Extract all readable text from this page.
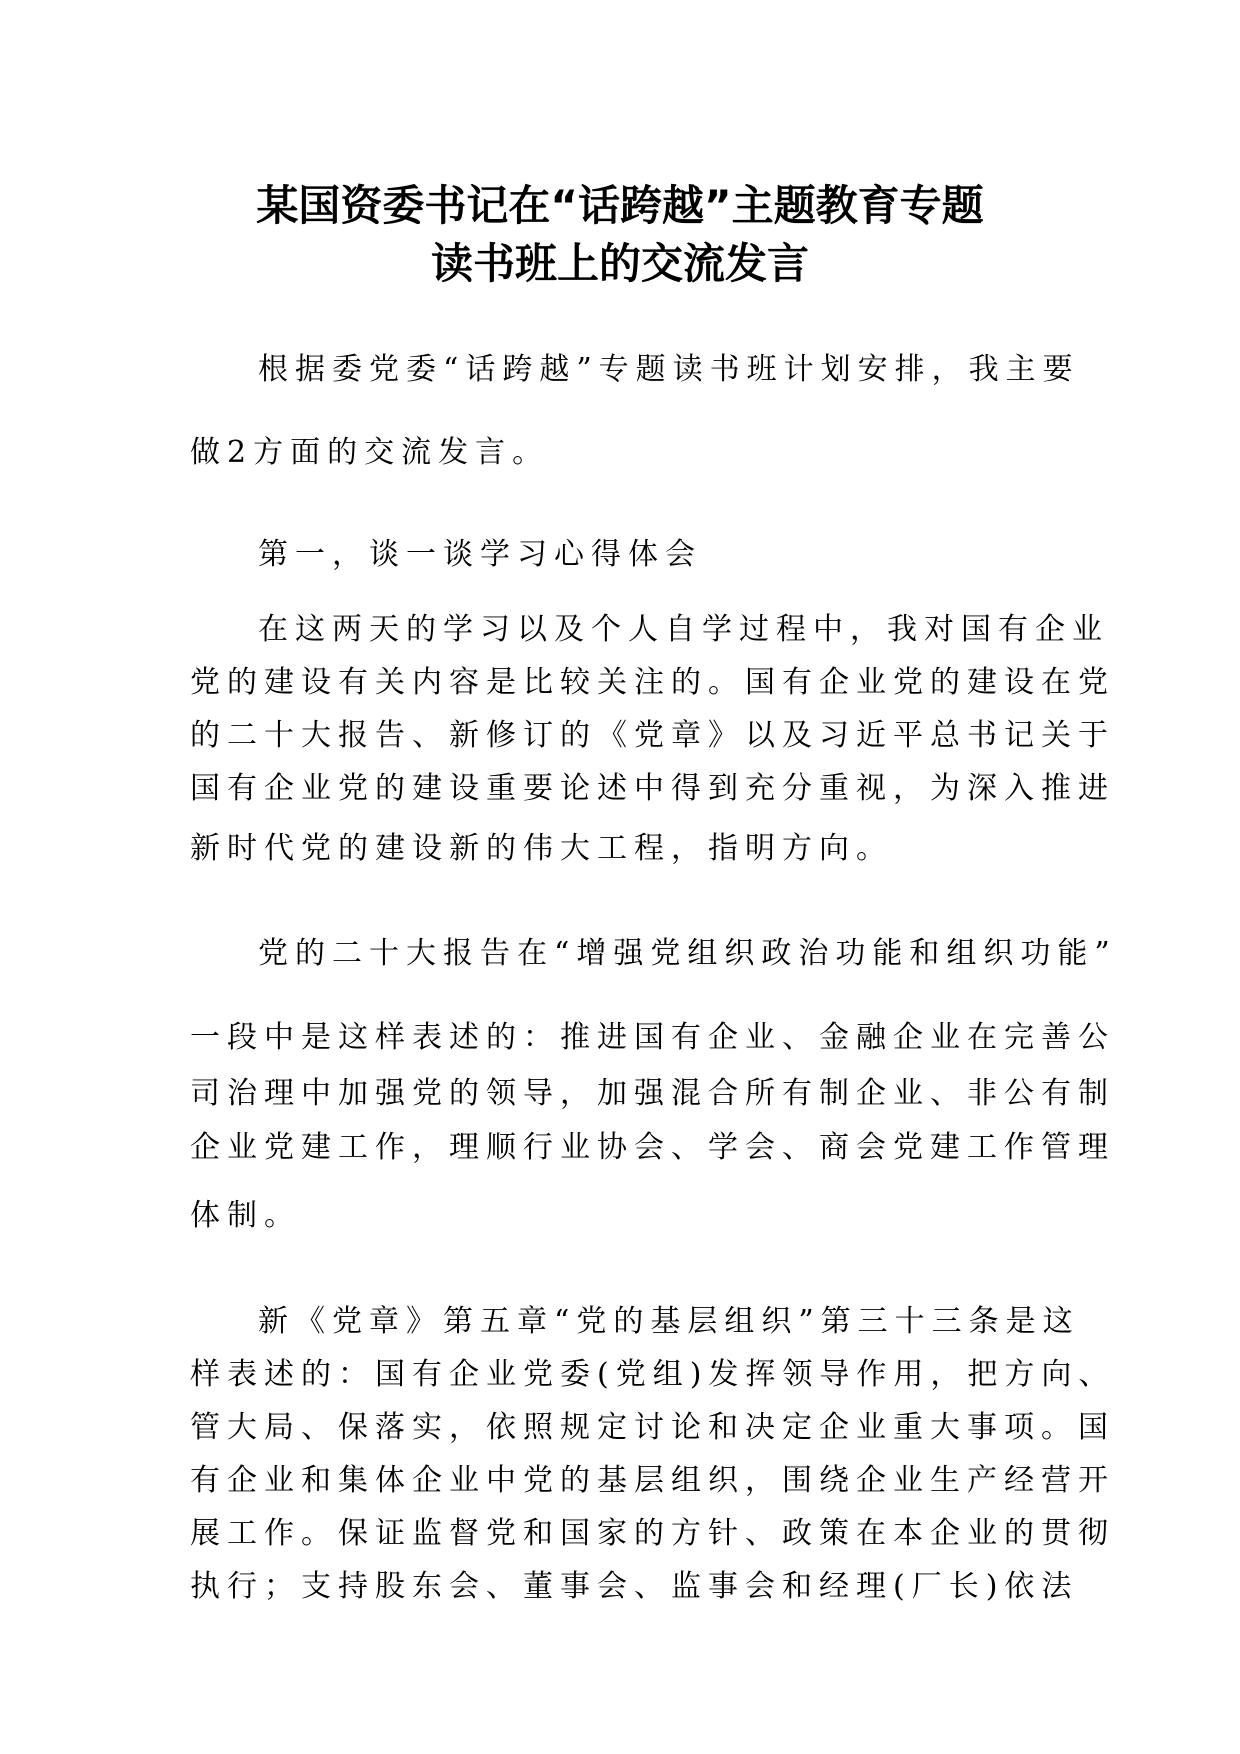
某国资委书记在“话跨越”主题教育专题
读书班上的交流发言
根据委党委“话跨越”专题读书班计划安排，我主要
做2方面的交流发言。
第一，谈一谈学习心得体会
在这两天的学习以及个人自学过程中，我对国有企业
党的建设有关内容是比较关注的。国有企业党的建设在党
的二十大报告、新修订的《党章》以及习近平总书记关于
国有企业党的建设重要论述中得到充分重视，为深入推进
新时代党的建设新的伟大工程，指明方向。
党的二十大报告在“增强党组织政治功能和组织功能”
一段中是这样表述的：推进国有企业、金融企业在完善公
司治理中加强党的领导，加强混合所有制企业、非公有制
企业党建工作，理顺行业协会、学会、商会党建工作管理
体制。
新《党章》第五章“党的基层组织”第三十三条是这
样表述的：国有企业党委(党组)发挥领导作用，把方向、
管大局、保落实，依照规定讨论和决定企业重大事项。国
有企业和集体企业中党的基层组织，围绕企业生产经营开
展工作。保证监督党和国家的方针、政策在本企业的贯彻
执行；支持股东会、董事会、监事会和经理(厂长)依法
